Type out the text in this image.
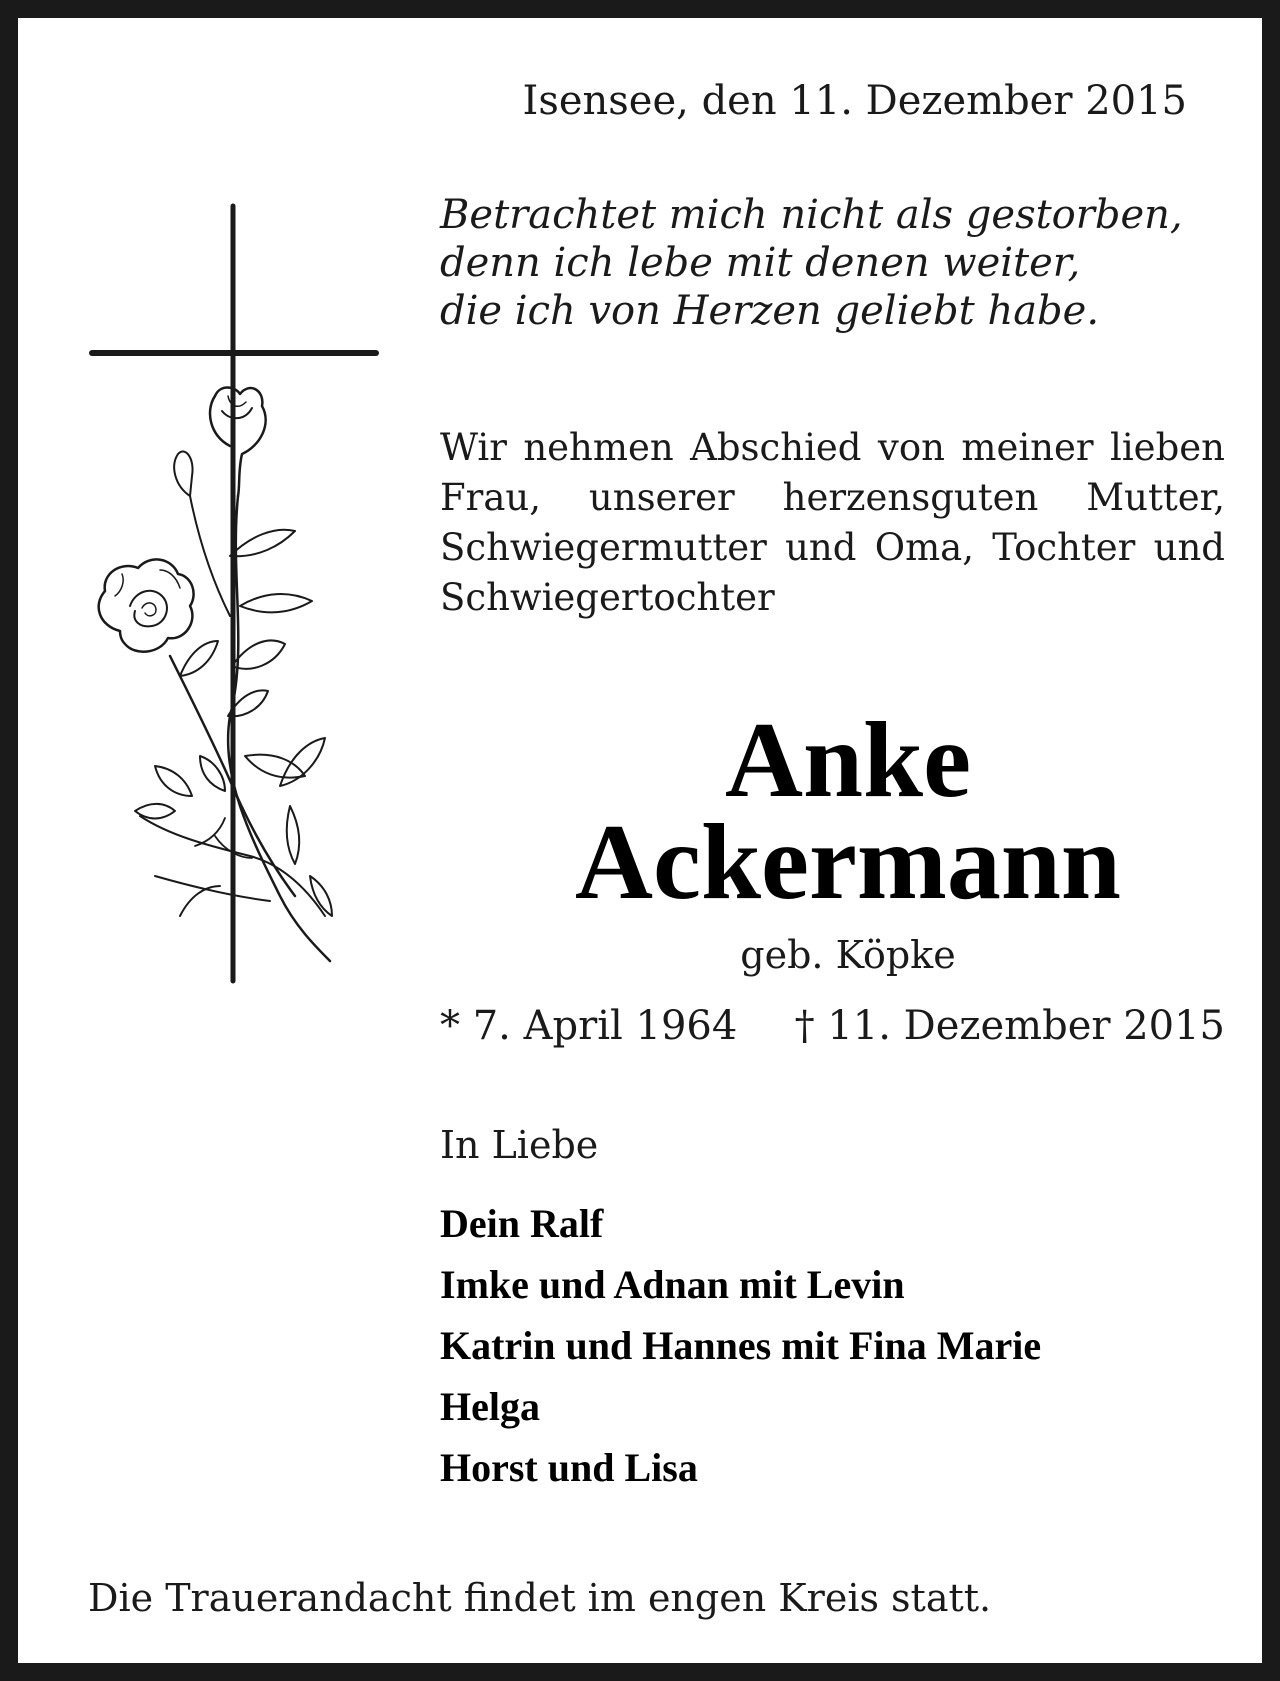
Isensee, den 11. Dezember 2015

Betrachtet mich nicht als gestorben,
denn ich lebe mit denen weiter,
die ich von Herzen geliebt habe.

Wir nehmen Abschied von meiner lieben Frau, unserer herzensguten Mutter, Schwiegermutter und Oma, Tochter und Schwiegertochter

Anke
Ackermann
geb. Köpke
* 7. April 1964 † 11. Dezember 2015
In Liebe
Dein Ralf
Imke und Adnan mit Levin
Katrin und Hannes mit Fina Marie
Helga
Horst und Lisa

Die Trauerandacht findet im engen Kreis statt.
